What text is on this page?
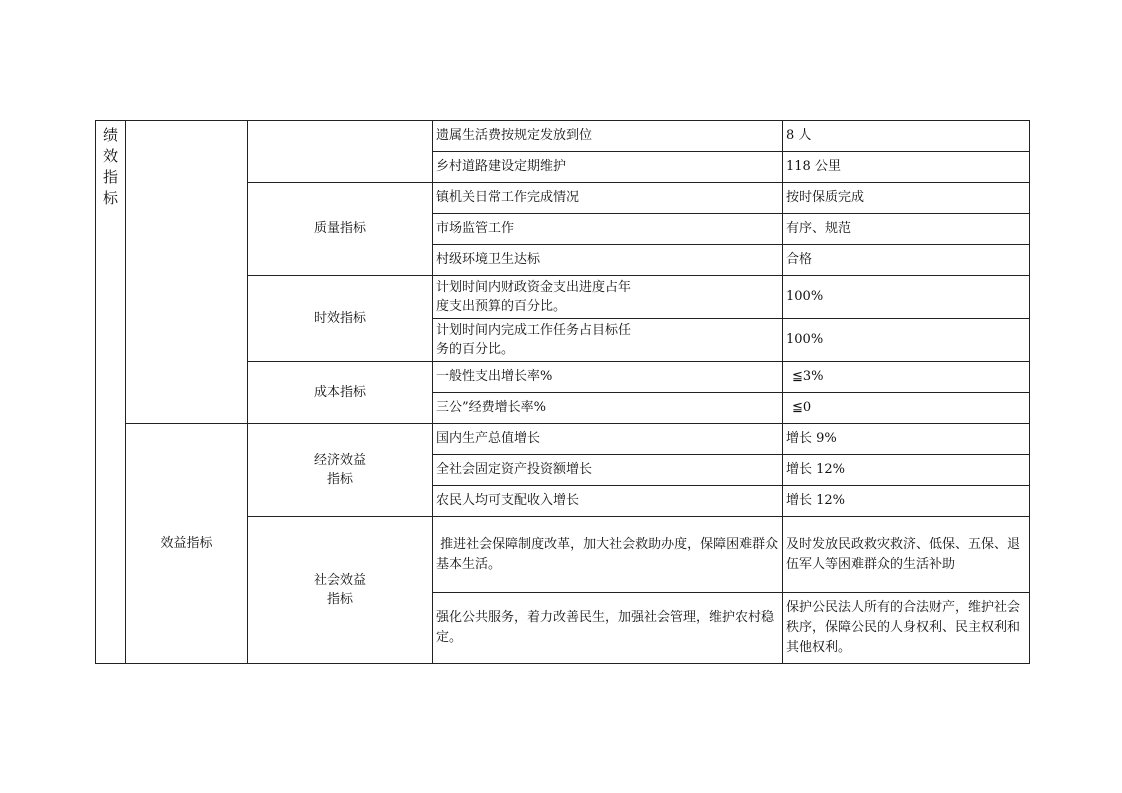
绩效指标			遗属生活费按规定发放到位	8 人
			乡村道路建设定期维护	118 公里
		质量指标	镇机关日常工作完成情况	按时保质完成
			市场监管工作	有序、规范
			村级环境卫生达标	合格
		时效指标	计划时间内财政资金支出进度占年
度支出预算的百分比。	100%
			计划时间内完成工作任务占目标任
务的百分比。	100%
		成本指标	一般性支出增长率%	≦3%
			三公”经费增长率%	≦0
	效益指标	经济效益
指标	国内生产总值增长	增长 9%
			全社会固定资产投资额增长	增长 12%
			农民人均可支配收入增长	增长 12%
		社会效益
指标	推进社会保障制度改革，加大社会救助办度，保障困难群众基本生活。	及时发放民政救灾救济、低保、五保、退伍军人等困难群众的生活补助
			强化公共服务，着力改善民生，加强社会管理，维护农村稳定。	保护公民法人所有的合法财产，维护社会秩序，保障公民的人身权利、民主权利和其他权利。
